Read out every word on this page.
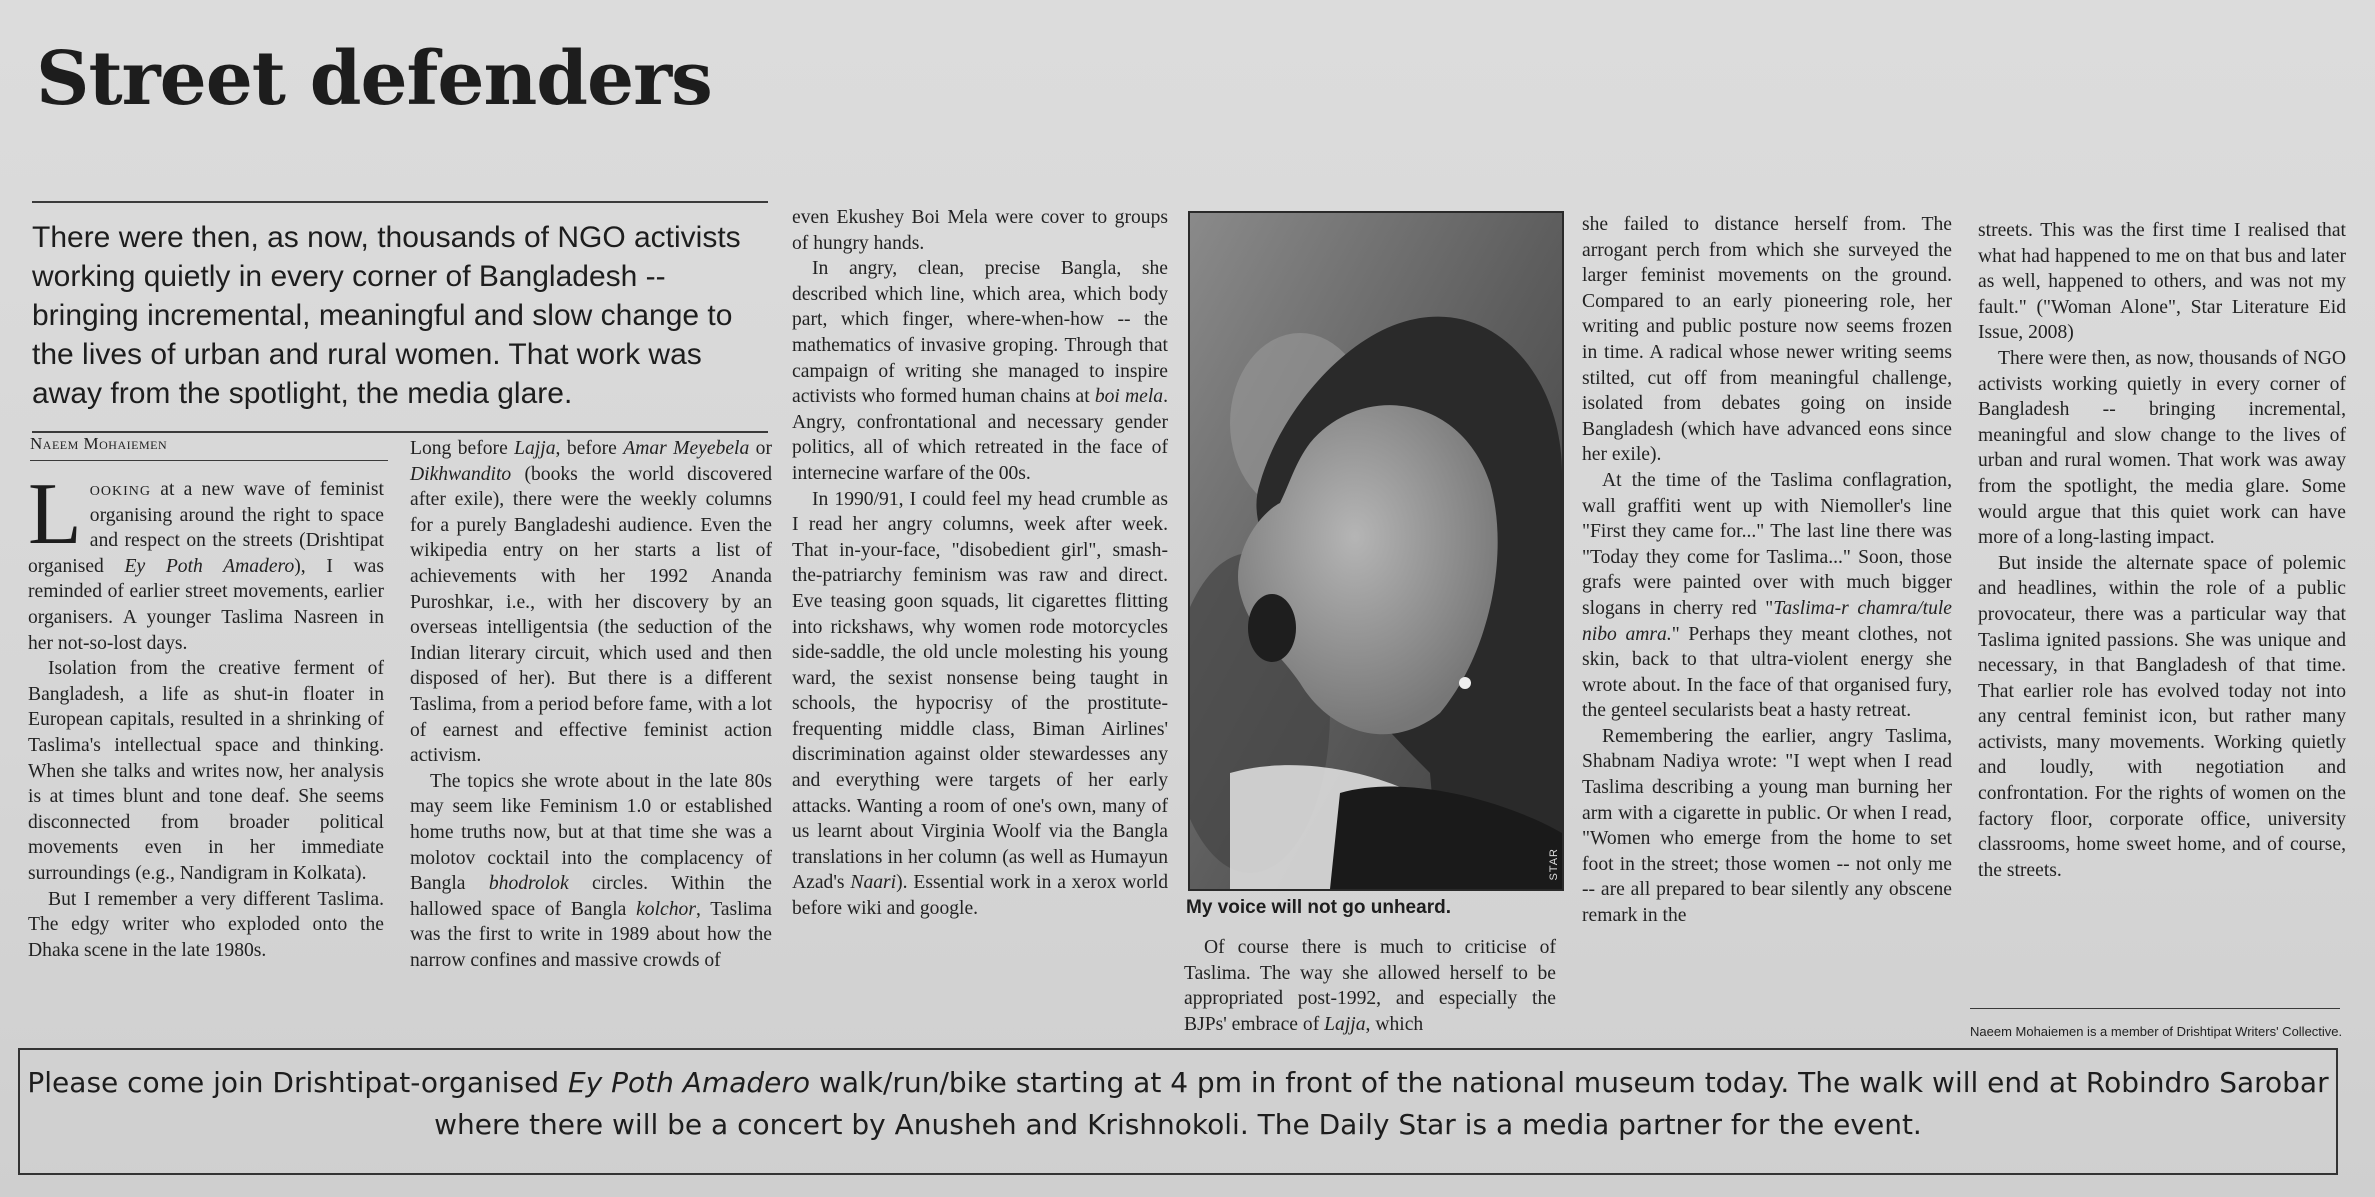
Street defenders

There were then, as now, thousands of NGO activists working quietly in every corner of Bangladesh -- bringing incremental, meaningful and slow change to the lives of urban and rural women. That work was away from the spotlight, the media glare.

Naeem Mohaiemen

Looking at a new wave of feminist organising around the right to space and respect on the streets (Drishtipat organised Ey Poth Amadero), I was reminded of earlier street movements, earlier organisers. A younger Taslima Nasreen in her not-so-lost days.

Isolation from the creative ferment of Bangladesh, a life as shut-in floater in European capitals, resulted in a shrinking of Taslima's intellectual space and thinking. When she talks and writes now, her analysis is at times blunt and tone deaf. She seems disconnected from broader political movements even in her immediate surroundings (e.g., Nandigram in Kolkata).

But I remember a very different Taslima. The edgy writer who exploded onto the Dhaka scene in the late 1980s.

Long before Lajja, before Amar Meyebela or Dikhwandito (books the world discovered after exile), there were the weekly columns for a purely Bangladeshi audience. Even the wikipedia entry on her starts a list of achievements with her 1992 Ananda Puroshkar, i.e., with her discovery by an overseas intelligentsia (the seduction of the Indian literary circuit, which used and then disposed of her). But there is a different Taslima, from a period before fame, with a lot of earnest and effective feminist action activism.

The topics she wrote about in the late 80s may seem like Feminism 1.0 or established home truths now, but at that time she was a molotov cocktail into the complacency of Bangla bhodrolok circles. Within the hallowed space of Bangla kolchor, Taslima was the first to write in 1989 about how the narrow confines and massive crowds of

even Ekushey Boi Mela were cover to groups of hungry hands.

In angry, clean, precise Bangla, she described which line, which area, which body part, which finger, where-when-how -- the mathematics of invasive groping. Through that campaign of writing she managed to inspire activists who formed human chains at boi mela. Angry, confrontational and necessary gender politics, all of which retreated in the face of internecine warfare of the 00s.

In 1990/91, I could feel my head crumble as I read her angry columns, week after week. That in-your-face, "disobedient girl", smash-the-patriarchy feminism was raw and direct. Eve teasing goon squads, lit cigarettes flitting into rickshaws, why women rode motorcycles side-saddle, the old uncle molesting his young ward, the sexist nonsense being taught in schools, the hypocrisy of the prostitute-frequenting middle class, Biman Airlines' discrimination against older stewardesses any and everything were targets of her early attacks. Wanting a room of one's own, many of us learnt about Virginia Woolf via the Bangla translations in her column (as well as Humayun Azad's Naari). Essential work in a xerox world before wiki and google.

STAR
My voice will not go unheard.

Of course there is much to criticise of Taslima. The way she allowed herself to be appropriated post-1992, and especially the BJPs' embrace of Lajja, which

she failed to distance herself from. The arrogant perch from which she surveyed the larger feminist movements on the ground. Compared to an early pioneering role, her writing and public posture now seems frozen in time. A radical whose newer writing seems stilted, cut off from meaningful challenge, isolated from debates going on inside Bangladesh (which have advanced eons since her exile).

At the time of the Taslima conflagration, wall graffiti went up with Niemoller's line "First they came for..." The last line there was "Today they come for Taslima..." Soon, those grafs were painted over with much bigger slogans in cherry red "Taslima-r chamra/tule nibo amra." Perhaps they meant clothes, not skin, back to that ultra-violent energy she wrote about. In the face of that organised fury, the genteel secularists beat a hasty retreat.

Remembering the earlier, angry Taslima, Shabnam Nadiya wrote: "I wept when I read Taslima describing a young man burning her arm with a cigarette in public. Or when I read, "Women who emerge from the home to set foot in the street; those women -- not only me -- are all prepared to bear silently any obscene remark in the

streets. This was the first time I realised that what had happened to me on that bus and later as well, happened to others, and was not my fault." ("Woman Alone", Star Literature Eid Issue, 2008)

There were then, as now, thousands of NGO activists working quietly in every corner of Bangladesh -- bringing incremental, meaningful and slow change to the lives of urban and rural women. That work was away from the spotlight, the media glare. Some would argue that this quiet work can have more of a long-lasting impact.

But inside the alternate space of polemic and headlines, within the role of a public provocateur, there was a particular way that Taslima ignited passions. She was unique and necessary, in that Bangladesh of that time. That earlier role has evolved today not into any central feminist icon, but rather many activists, many movements. Working quietly and loudly, with negotiation and confrontation. For the rights of women on the factory floor, corporate office, university classrooms, home sweet home, and of course, the streets.

Naeem Mohaiemen is a member of Drishtipat Writers' Collective.
Please come join Drishtipat-organised Ey Poth Amadero walk/run/bike starting at 4 pm in front of the national museum today. The walk will end at Robindro Sarobar where there will be a concert by Anusheh and Krishnokoli. The Daily Star is a media partner for the event.
